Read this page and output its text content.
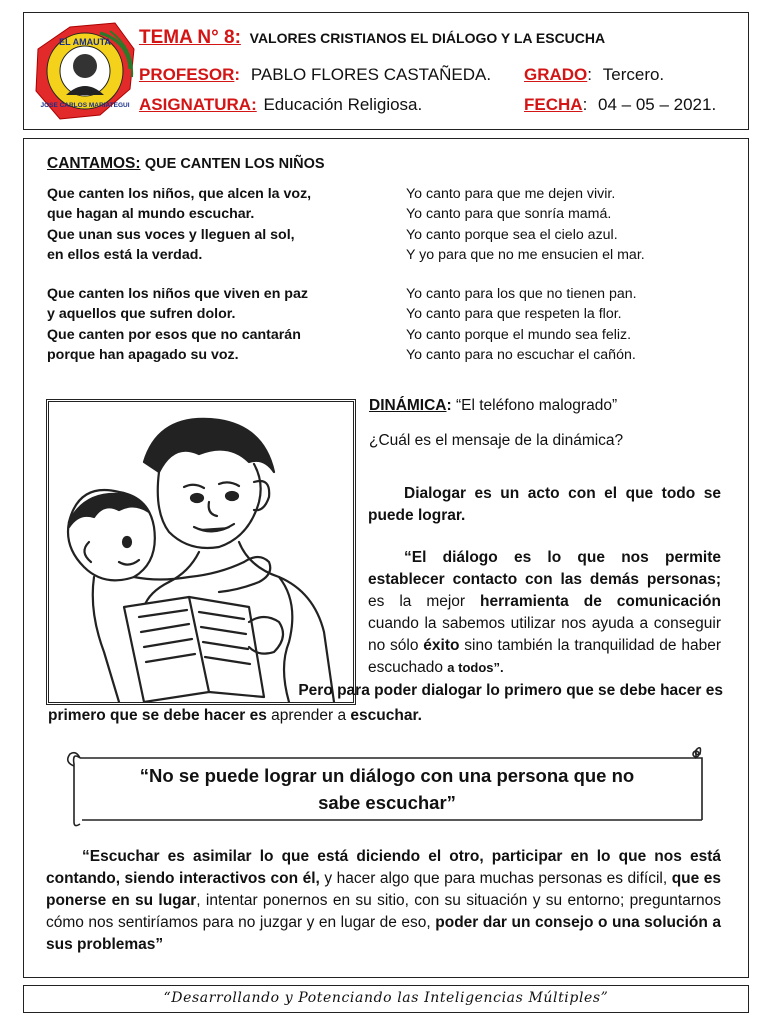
EL AMAUTA
JOSE CARLOS MARIATEGUI
TEMA N° 8: VALORES CRISTIANOS EL DIÁLOGO Y LA ESCUCHA
PROFESOR: PABLO FLORES CASTAÑEDA. GRADO: Tercero.
ASIGNATURA: Educación Religiosa.	FECHA: 04 – 05 – 2021.
CANTAMOS: QUE CANTEN LOS NIÑOS
Que canten los niños, que alcen la voz,
que hagan al mundo escuchar.
Que unan sus voces y lleguen al sol,
en ellos está la verdad.
Yo canto para que me dejen vivir.
Yo canto para que sonría mamá.
Yo canto porque sea el cielo azul.
Y yo para que no me ensucien el mar.
Que canten los niños que viven en paz
y aquellos que sufren dolor.
Que canten por esos que no cantarán
porque han apagado su voz.
Yo canto para los que no tienen pan.
Yo canto para que respeten la flor.
Yo canto porque el mundo sea feliz.
Yo canto para no escuchar el cañón.
DINÁMICA: “El teléfono malogrado”
¿Cuál es el mensaje de la dinámica?
Dialogar es un acto con el que todo se puede lograr.
“El diálogo es lo que nos permite establecer contacto con las demás personas; es la mejor herramienta de comunicación cuando la sabemos utilizar nos ayuda a conseguir no sólo éxito sino también la tranquilidad de haber escuchado a todos”.
Pero para poder dialogar lo primero que se debe hacer es
primero que se debe hacer es aprender a escuchar.
“No se puede lograr un diálogo con una persona que no
sabe escuchar”
“Escuchar es asimilar lo que está diciendo el otro, participar en lo que nos está contando, siendo interactivos con él, y hacer algo que para muchas personas es difícil, que es ponerse en su lugar, intentar ponernos en su sitio, con su situación y su entorno; preguntarnos cómo nos sentiríamos para no juzgar y en lugar de eso, poder dar un consejo o una solución a sus problemas”
“Desarrollando y Potenciando las Inteligencias Múltiples”
